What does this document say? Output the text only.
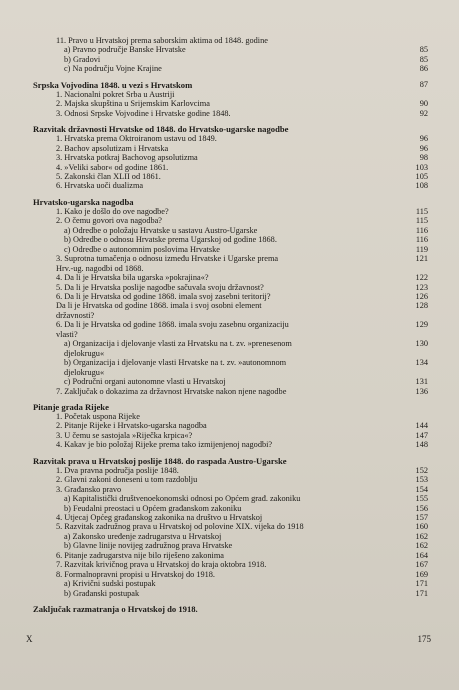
11. Pravo u Hrvatskoj prema saborskim aktima od 1848. godine
a) Pravno područje Banske Hrvatske	85
b) Gradovi	85
c) Na području Vojne Krajine	86
Srpska Vojvodina 1848. u vezi s Hrvatskom	87
1. Nacionalni pokret Srba u Austriji
2. Majska skupština u Srijemskim Karlovcima	90
3. Odnosi Srpske Vojvodine i Hrvatske godine 1848.	92
Razvitak državnosti Hrvatske od 1848. do Hrvatsko-ugarske nagodbe
1. Hrvatska prema Oktroiranom ustavu od 1849.	96
2. Bachov apsolutizam i Hrvatska	96
3. Hrvatska potkraj Bachovog apsolutizma	98
4. »Veliki sabor« od godine 1861.	103
5. Zakonski član XLII od 1861.	105
6. Hrvatska uoči dualizma	108
Hrvatsko-ugarska nagodba
1. Kako je došlo do ove nagodbe?	115
2. O čemu govori ova nagodba?	115
a) Odredbe o položaju Hrvatske u sastavu Austro-Ugarske	116
b) Odredbe o odnosu Hrvatske prema Ugarskoj od godine 1868.	116
c) Odredbe o autonomnim poslovima Hrvatske	119
3. Suprotna tumačenja o odnosu između Hrvatske i Ugarske prema	121
Hrv.-ug. nagodbi od 1868.
4. Da li je Hrvatska bila ugarska »pokrajina«?	122
5. Da li je Hrvatska poslije nagodbe sačuvala svoju državnost?	123
6. Da li je Hrvatska od godine 1868. imala svoj zasebni teritorij?	126
Da li je Hrvatska od godine 1868. imala i svoj osobni element	128
državnosti?
6. Da li je Hrvatska od godine 1868. imala svoju zasebnu organizaciju	129
vlasti?
a) Organizacija i djelovanje vlasti za Hrvatsku na t. zv. »prenesenom	130
djelokrugu«
b) Organizacija i djelovanje vlasti Hrvatske na t. zv. »autonomnom	134
djelokrugu«
c) Područni organi autonomne vlasti u Hrvatskoj	131
7. Zaključak o dokazima za državnost Hrvatske nakon njene nagodbe	136
Pitanje grada Rijeke
1. Početak uspona Rijeke
2. Pitanje Rijeke i Hrvatsko-ugarska nagodba	144
3. U čemu se sastojala »Riječka krpica«?	147
4. Kakav je bio položaj Rijeke prema tako izmijenjenoj nagodbi?	148
Razvitak prava u Hrvatskoj poslije 1848. do raspada Austro-Ugarske
1. Dva pravna područja poslije 1848.	152
2. Glavni zakoni doneseni u tom razdoblju	153
3. Građansko pravo	154
a) Kapitalistički društvenoekonomski odnosi po Općem građ. zakoniku	155
b) Feudalni preostaci u Općem građanskom zakoniku	156
4. Utjecaj Općeg građanskog zakonika na društvo u Hrvatskoj	157
5. Razvitak zadružnog prava u Hrvatskoj od polovine XIX. vijeka do 1918	160
a) Zakonsko uređenje zadrugarstva u Hrvatskoj	162
b) Glavne linije novijeg zadružnog prava Hrvatske	162
6. Pitanje zadrugarstva nije bilo riješeno zakonima	164
7. Razvitak krivičnog prava u Hrvatskoj do kraja oktobra 1918.	167
8. Formalnopravni propisi u Hrvatskoj do 1918.	169
a) Krivični sudski postupak	171
b) Građanski postupak	171
Zaključak razmatranja o Hrvatskoj do 1918.
X	175
